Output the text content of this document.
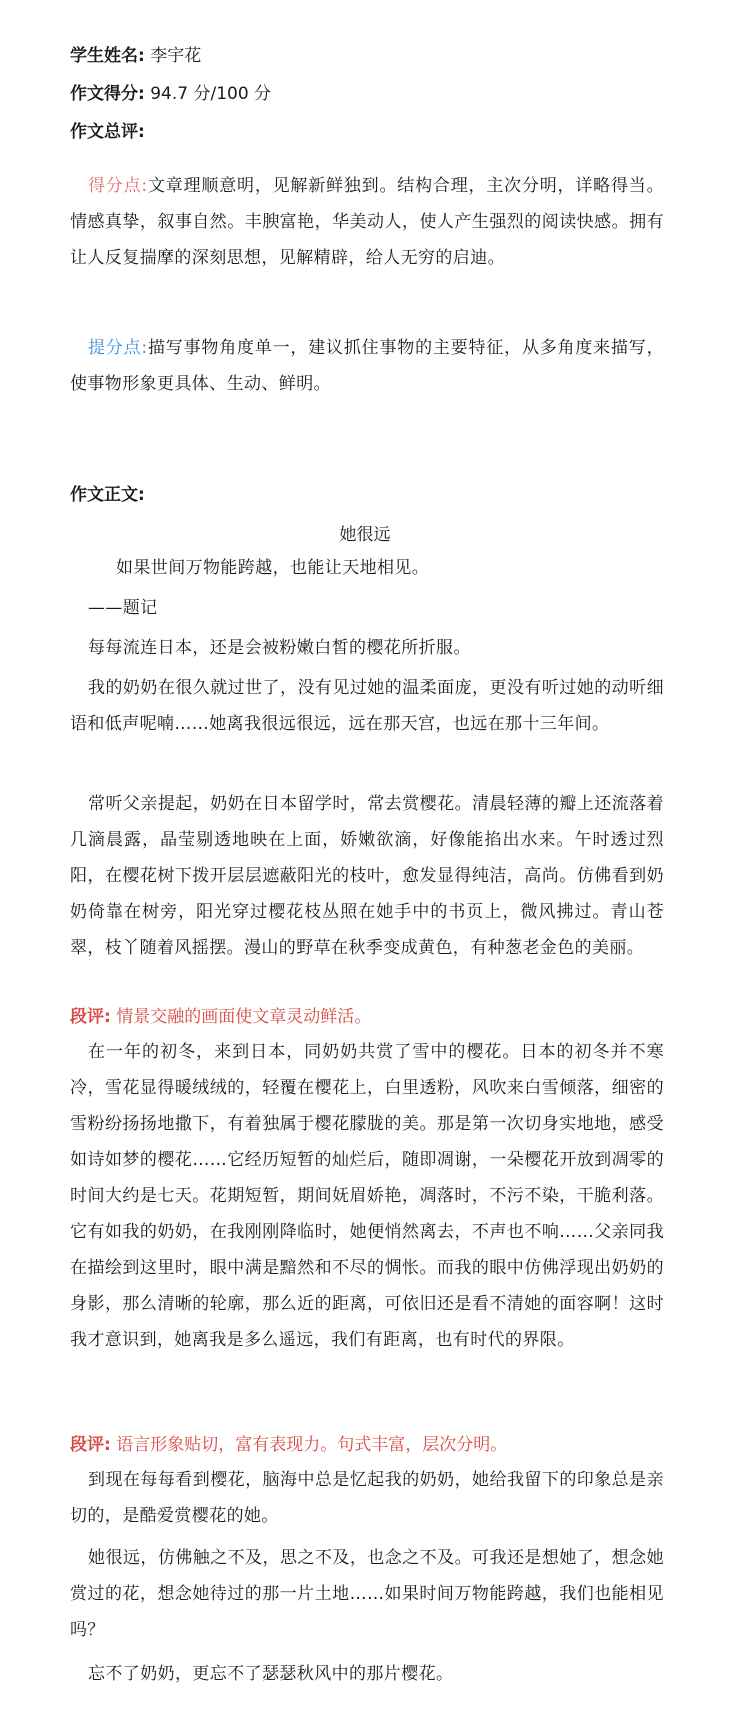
学生姓名: 李宇花
作文得分: 94.7 分/100 分
作文总评:
得分点:文章理顺意明，见解新鲜独到。结构合理，主次分明，详略得当。情感真挚，叙事自然。丰腴富艳，华美动人，使人产生强烈的阅读快感。拥有让人反复揣摩的深刻思想，见解精辟，给人无穷的启迪。
提分点:描写事物角度单一，建议抓住事物的主要特征，从多角度来描写，使事物形象更具体、生动、鲜明。
作文正文:
她很远
如果世间万物能跨越，也能让天地相见。
——题记
每每流连日本，还是会被粉嫩白皙的樱花所折服。
我的奶奶在很久就过世了，没有见过她的温柔面庞，更没有听过她的动听细语和低声呢喃……她离我很远很远，远在那天宫，也远在那十三年间。
常听父亲提起，奶奶在日本留学时，常去赏樱花。清晨轻薄的瓣上还流落着几滴晨露，晶莹剔透地映在上面，娇嫩欲滴，好像能掐出水来。午时透过烈阳，在樱花树下拨开层层遮蔽阳光的枝叶，愈发显得纯洁，高尚。仿佛看到奶奶倚靠在树旁，阳光穿过樱花枝丛照在她手中的书页上，微风拂过。青山苍翠，枝丫随着风摇摆。漫山的野草在秋季变成黄色，有种葱老金色的美丽。
段评: 情景交融的画面使文章灵动鲜活。
在一年的初冬，来到日本，同奶奶共赏了雪中的樱花。日本的初冬并不寒冷，雪花显得暖绒绒的，轻覆在樱花上，白里透粉，风吹来白雪倾落，细密的雪粉纷扬扬地撒下，有着独属于樱花朦胧的美。那是第一次切身实地地，感受如诗如梦的樱花……它经历短暂的灿烂后，随即凋谢，一朵樱花开放到凋零的时间大约是七天。花期短暂，期间妩眉娇艳，凋落时，不污不染，干脆利落。它有如我的奶奶，在我刚刚降临时，她便悄然离去，不声也不响……父亲同我在描绘到这里时，眼中满是黯然和不尽的惆怅。而我的眼中仿佛浮现出奶奶的身影，那么清晰的轮廓，那么近的距离，可依旧还是看不清她的面容啊！这时我才意识到，她离我是多么遥远，我们有距离，也有时代的界限。
段评: 语言形象贴切，富有表现力。句式丰富，层次分明。
到现在每每看到樱花，脑海中总是忆起我的奶奶，她给我留下的印象总是亲切的，是酷爱赏樱花的她。
她很远，仿佛触之不及，思之不及，也念之不及。可我还是想她了，想念她赏过的花，想念她待过的那一片土地……如果时间万物能跨越，我们也能相见吗？
忘不了奶奶，更忘不了瑟瑟秋风中的那片樱花。
